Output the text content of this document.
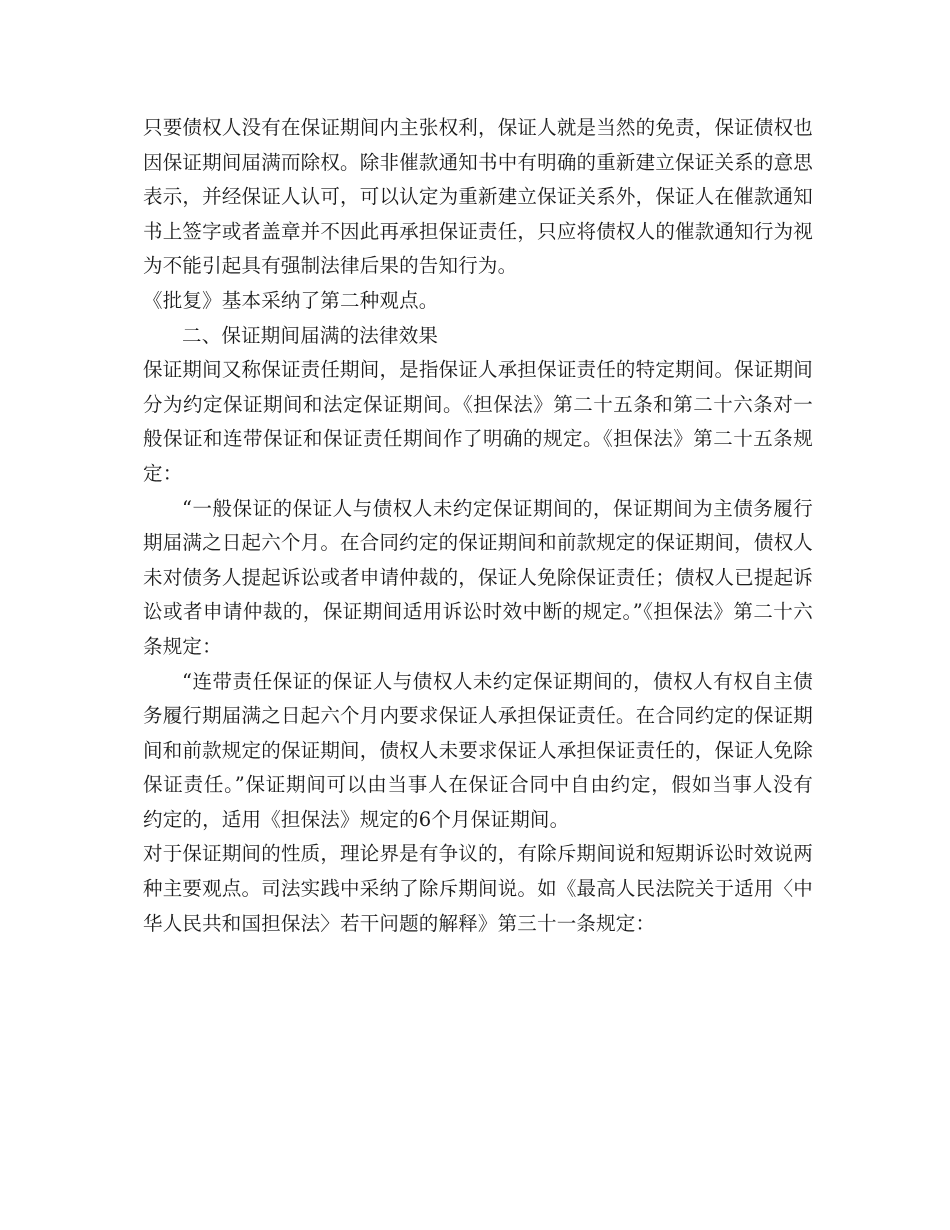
只要债权人没有在保证期间内主张权利，保证人就是当然的免责，保证债权也因保证期间届满而除权。除非催款通知书中有明确的重新建立保证关系的意思表示，并经保证人认可，可以认定为重新建立保证关系外，保证人在催款通知书上签字或者盖章并不因此再承担保证责任，只应将债权人的催款通知行为视为不能引起具有强制法律后果的告知行为。

《批复》基本采纳了第二种观点。

二、保证期间届满的法律效果

保证期间又称保证责任期间，是指保证人承担保证责任的特定期间。保证期间分为约定保证期间和法定保证期间。《担保法》第二十五条和第二十六条对一般保证和连带保证和保证责任期间作了明确的规定。《担保法》第二十五条规定：

“一般保证的保证人与债权人未约定保证期间的，保证期间为主债务履行期届满之日起六个月。在合同约定的保证期间和前款规定的保证期间，债权人未对债务人提起诉讼或者申请仲裁的，保证人免除保证责任；债权人已提起诉讼或者申请仲裁的，保证期间适用诉讼时效中断的规定。”《担保法》第二十六条规定：

“连带责任保证的保证人与债权人未约定保证期间的，债权人有权自主债务履行期届满之日起六个月内要求保证人承担保证责任。在合同约定的保证期间和前款规定的保证期间，债权人未要求保证人承担保证责任的，保证人免除保证责任。”保证期间可以由当事人在保证合同中自由约定，假如当事人没有约定的，适用《担保法》规定的6个月保证期间。

对于保证期间的性质，理论界是有争议的，有除斥期间说和短期诉讼时效说两种主要观点。司法实践中采纳了除斥期间说。如《最高人民法院关于适用〈中华人民共和国担保法〉若干问题的解释》第三十一条规定：
